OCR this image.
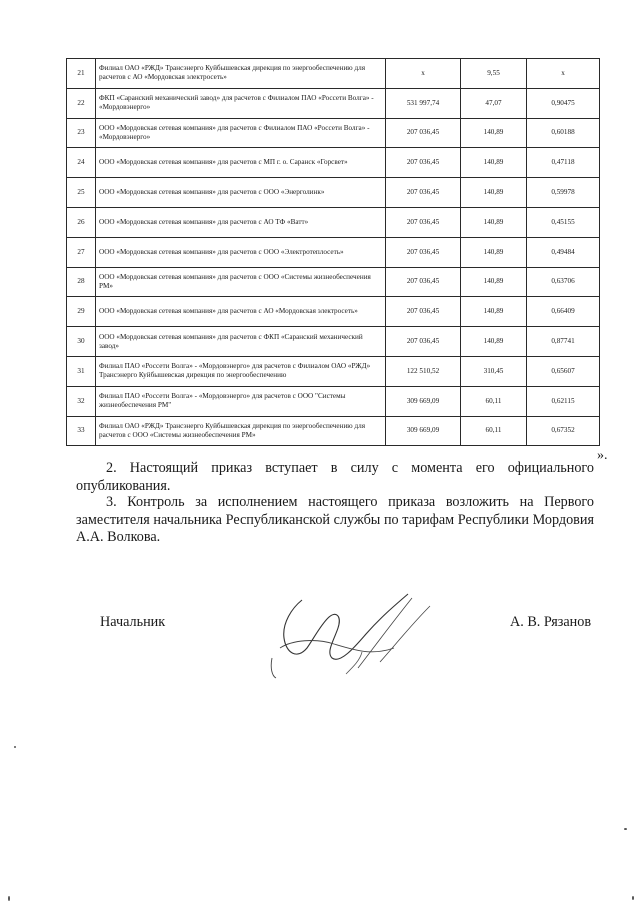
21	Филиал ОАО «РЖД» Трансэнерго Куйбышевская дирекция по энергообеспечению для расчетов с АО «Мордовская электросеть»	х	9,55	х
22	ФКП «Саранский механический завод» для расчетов с Филиалом ПАО «Россети Волга» - «Мордовэнерго»	531 997,74	47,07	0,90475
23	ООО «Мордовская сетевая компания» для расчетов с Филиалом ПАО «Россети Волга» - «Мордовэнерго»	207 036,45	140,89	0,60188
24	ООО «Мордовская сетевая компания» для расчетов с МП г. о. Саранск «Горсвет»	207 036,45	140,89	0,47118
25	ООО «Мордовская сетевая компания» для расчетов с ООО «Энерголинк»	207 036,45	140,89	0,59978
26	ООО «Мордовская сетевая компания» для расчетов с АО ТФ «Ватт»	207 036,45	140,89	0,45155
27	ООО «Мордовская сетевая компания» для расчетов с ООО «Электротеплосеть»	207 036,45	140,89	0,49484
28	ООО «Мордовская сетевая компания» для расчетов с ООО «Системы жизнеобеспечения РМ»	207 036,45	140,89	0,63706
29	ООО «Мордовская сетевая компания» для расчетов с АО «Мордовская электросеть»	207 036,45	140,89	0,66409
30	ООО «Мордовская сетевая компания» для расчетов с ФКП «Саранский механический завод»	207 036,45	140,89	0,87741
31	Филиал ПАО «Россети Волга» - «Мордовэнерго» для расчетов с Филиалом ОАО «РЖД» Трансэнерго Куйбышевская дирекция по энергообеспечению	122 510,52	310,45	0,65607
32	Филиал ПАО «Россети Волга» - «Мордовэнерго» для расчетов с ООО "Системы жизнеобеспечения РМ"	309 669,09	60,11	0,62115
33	Филиал ОАО «РЖД» Трансэнерго Куйбышевская дирекция по энергообеспечению для расчетов с ООО «Системы жизнеобеспечения РМ»	309 669,09	60,11	0,67352
».
2. Настоящий приказ вступает в силу с момента его официального опубликования.
3. Контроль за исполнением настоящего приказа возложить на Первого заместителя начальника Республиканской службы по тарифам Республики Мордовия А.А. Волкова.
Начальник	А. В. Рязанов
